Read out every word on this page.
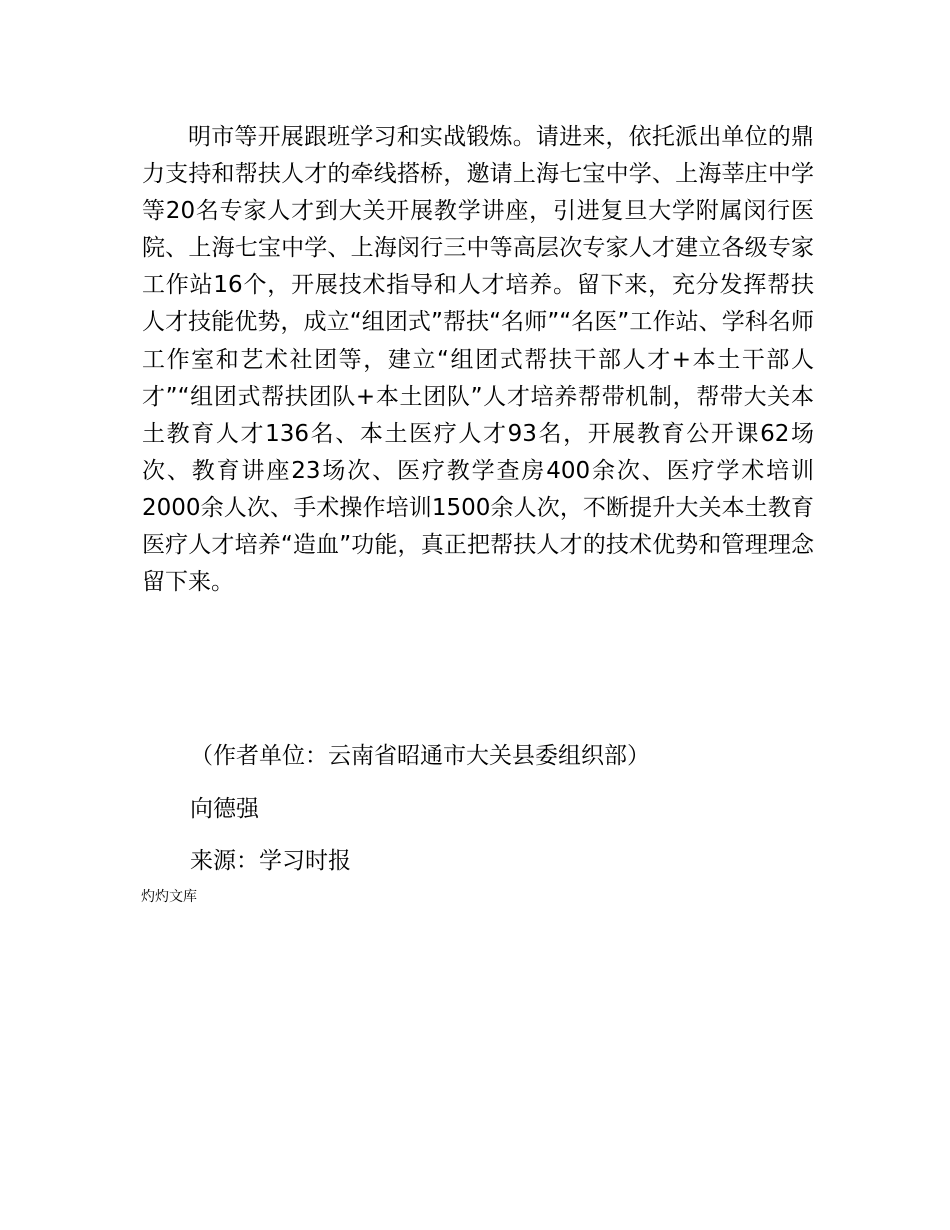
明市等开展跟班学习和实战锻炼。请进来，依托派出单位的鼎力支持和帮扶人才的牵线搭桥，邀请上海七宝中学、上海莘庄中学等20名专家人才到大关开展教学讲座，引进复旦大学附属闵行医院、上海七宝中学、上海闵行三中等高层次专家人才建立各级专家工作站16个，开展技术指导和人才培养。留下来，充分发挥帮扶人才技能优势，成立“组团式”帮扶“名师”“名医”工作站、学科名师工作室和艺术社团等，建立“组团式帮扶干部人才+本土干部人才”“组团式帮扶团队+本土团队”人才培养帮带机制，帮带大关本土教育人才136名、本土医疗人才93名，开展教育公开课62场次、教育讲座23场次、医疗教学查房400余次、医疗学术培训2000余人次、手术操作培训1500余人次，不断提升大关本土教育医疗人才培养“造血”功能，真正把帮扶人才的技术优势和管理理念留下来。

（作者单位：云南省昭通市大关县委组织部）

向德强

来源：学习时报

灼灼文库
